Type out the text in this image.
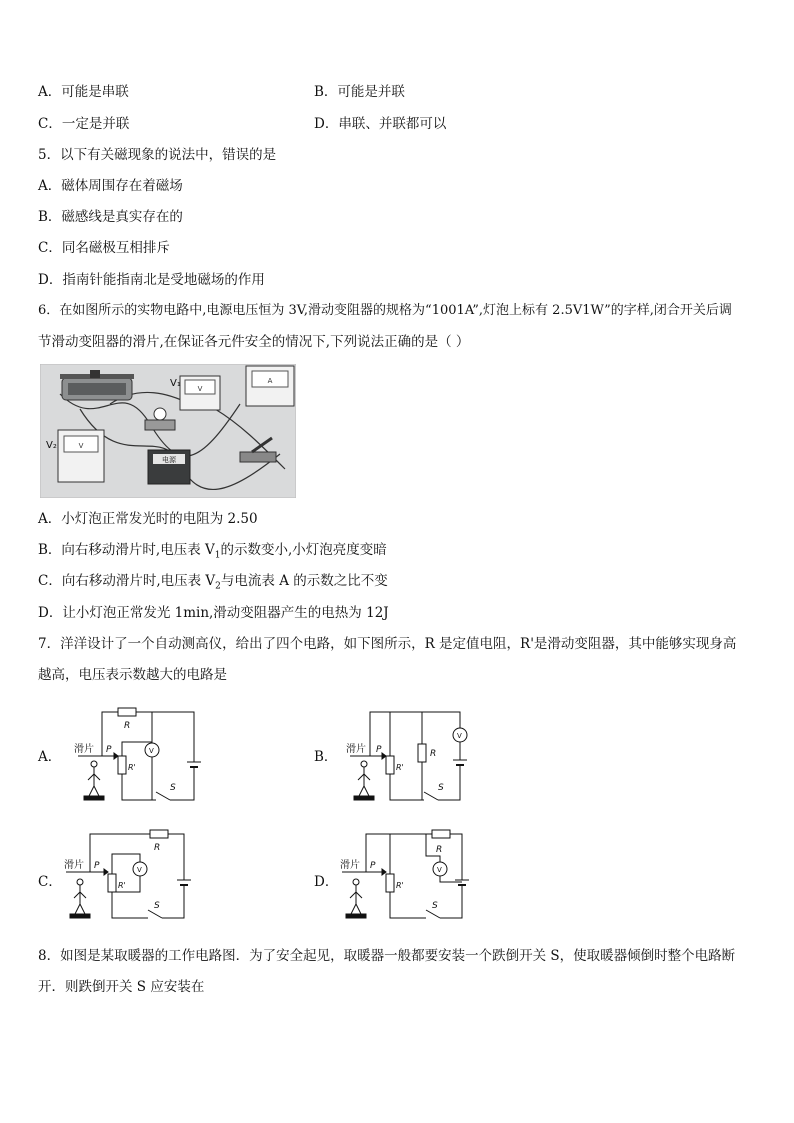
A．可能是串联	B．可能是并联
C．一定是并联	D．串联、并联都可以
5．以下有关磁现象的说法中，错误的是
A．磁体周围存在着磁场
B．磁感线是真实存在的
C．同名磁极互相排斥
D．指南针能指南北是受地磁场的作用
6．在如图所示的实物电路中,电源电压恒为 3V,滑动变阻器的规格为“1001A”,灯泡上标有 2.5V1W”的字样,闭合开关后调
节滑动变阻器的滑片,在保证各元件安全的情况下,下列说法正确的是（ ）
V
V₁	A
V
V₂
电源
A．小灯泡正常发光时的电阻为 2.50
B．向右移动滑片时,电压表 $V_1$的示数变小,小灯泡亮度变暗
C．向右移动滑片时,电压表 $V_2$与电流表 A 的示数之比不变
D．让小灯泡正常发光 1min,滑动变阻器产生的电热为 12J
7．洋洋设计了一个自动测高仪，给出了四个电路，如下图所示，R 是定值电阻，R'是滑动变阻器，其中能够实现身高
越高，电压表示数越大的电路是
A．	B．
C．	D．
滑片 P
R
R'
V
S
滑片 P	R
R'
V
S
滑片 P
R
R'
V
S
滑片 P
R
R'
V
S
8．如图是某取暖器的工作电路图．为了安全起见，取暖器一般都要安装一个跌倒开关 S，使取暖器倾倒时整个电路断
开．则跌倒开关 S 应安装在
